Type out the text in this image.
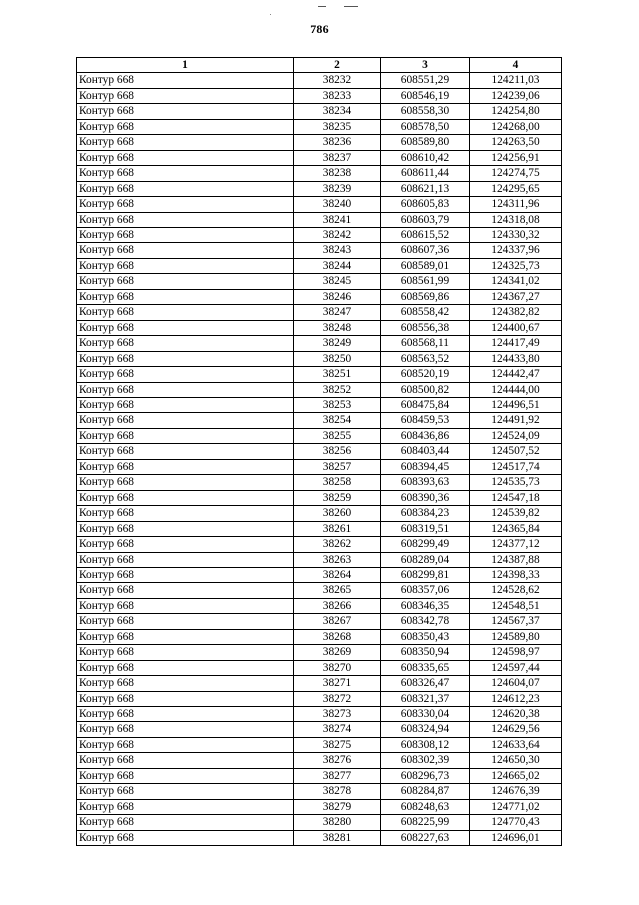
786
1	2	3	4
Контур 668	38232	608551,29	124211,03
Контур 668	38233	608546,19	124239,06
Контур 668	38234	608558,30	124254,80
Контур 668	38235	608578,50	124268,00
Контур 668	38236	608589,80	124263,50
Контур 668	38237	608610,42	124256,91
Контур 668	38238	608611,44	124274,75
Контур 668	38239	608621,13	124295,65
Контур 668	38240	608605,83	124311,96
Контур 668	38241	608603,79	124318,08
Контур 668	38242	608615,52	124330,32
Контур 668	38243	608607,36	124337,96
Контур 668	38244	608589,01	124325,73
Контур 668	38245	608561,99	124341,02
Контур 668	38246	608569,86	124367,27
Контур 668	38247	608558,42	124382,82
Контур 668	38248	608556,38	124400,67
Контур 668	38249	608568,11	124417,49
Контур 668	38250	608563,52	124433,80
Контур 668	38251	608520,19	124442,47
Контур 668	38252	608500,82	124444,00
Контур 668	38253	608475,84	124496,51
Контур 668	38254	608459,53	124491,92
Контур 668	38255	608436,86	124524,09
Контур 668	38256	608403,44	124507,52
Контур 668	38257	608394,45	124517,74
Контур 668	38258	608393,63	124535,73
Контур 668	38259	608390,36	124547,18
Контур 668	38260	608384,23	124539,82
Контур 668	38261	608319,51	124365,84
Контур 668	38262	608299,49	124377,12
Контур 668	38263	608289,04	124387,88
Контур 668	38264	608299,81	124398,33
Контур 668	38265	608357,06	124528,62
Контур 668	38266	608346,35	124548,51
Контур 668	38267	608342,78	124567,37
Контур 668	38268	608350,43	124589,80
Контур 668	38269	608350,94	124598,97
Контур 668	38270	608335,65	124597,44
Контур 668	38271	608326,47	124604,07
Контур 668	38272	608321,37	124612,23
Контур 668	38273	608330,04	124620,38
Контур 668	38274	608324,94	124629,56
Контур 668	38275	608308,12	124633,64
Контур 668	38276	608302,39	124650,30
Контур 668	38277	608296,73	124665,02
Контур 668	38278	608284,87	124676,39
Контур 668	38279	608248,63	124771,02
Контур 668	38280	608225,99	124770,43
Контур 668	38281	608227,63	124696,01
